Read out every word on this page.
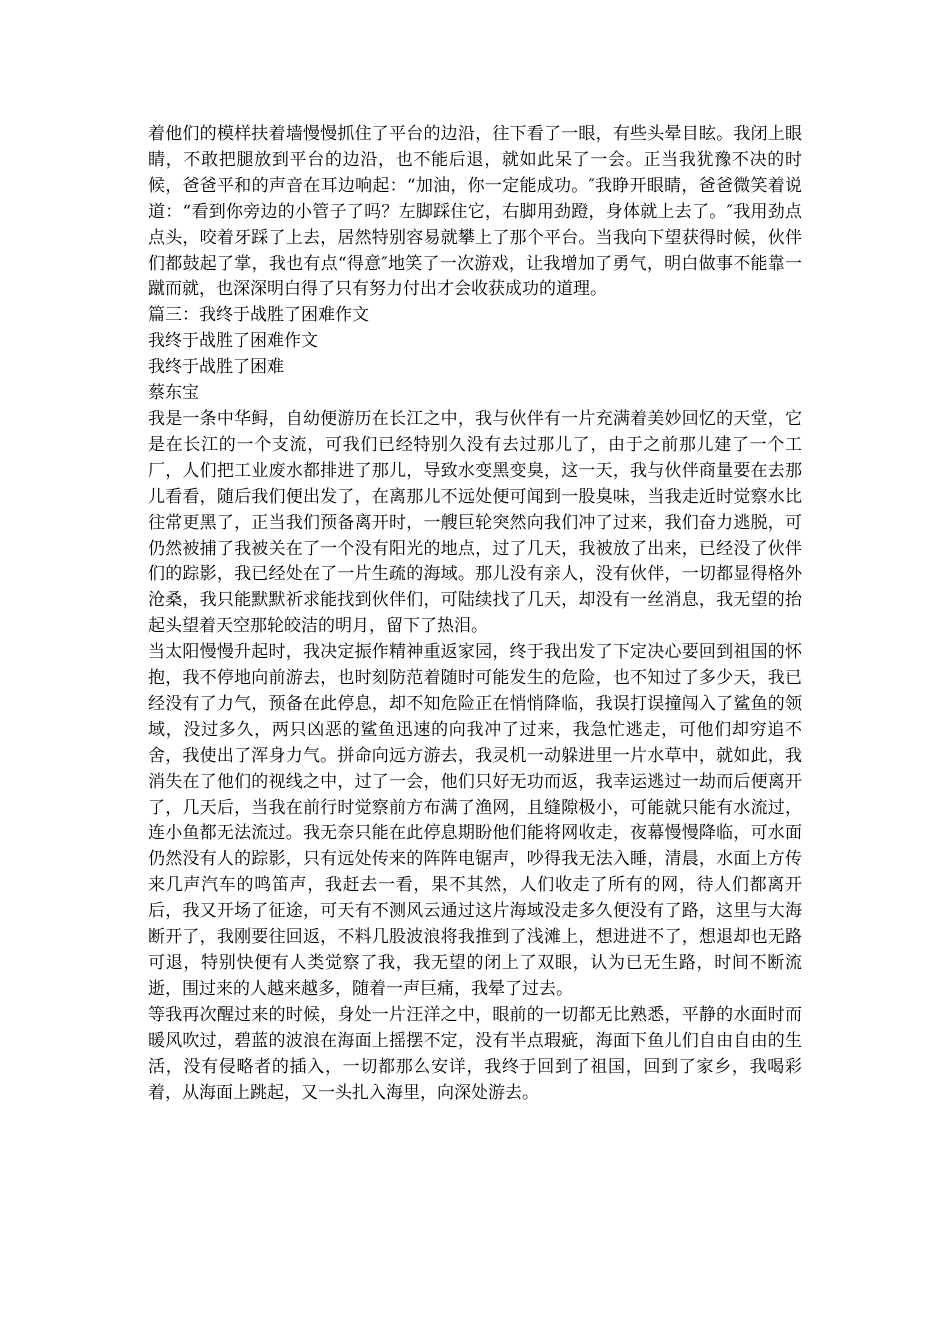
着他们的模样扶着墙慢慢抓住了平台的边沿，往下看了一眼，有些头晕目眩。我闭上眼睛，不敢把腿放到平台的边沿，也不能后退，就如此呆了一会。正当我犹豫不决的时候，爸爸平和的声音在耳边响起：“加油，你一定能成功。″我睁开眼睛，爸爸微笑着说道：“看到你旁边的小管子了吗？左脚踩住它，右脚用劲蹬，身体就上去了。″我用劲点点头，咬着牙踩了上去，居然特别容易就攀上了那个平台。当我向下望获得时候，伙伴们都鼓起了掌，我也有点“得意″地笑了一次游戏，让我增加了勇气，明白做事不能靠一蹴而就，也深深明白得了只有努力付出才会收获成功的道理。

篇三：我终于战胜了困难作文

我终于战胜了困难作文

我终于战胜了困难

蔡东宝

我是一条中华鲟，自幼便游历在长江之中，我与伙伴有一片充满着美妙回忆的天堂，它是在长江的一个支流，可我们已经特别久没有去过那儿了，由于之前那儿建了一个工厂，人们把工业废水都排进了那儿，导致水变黑变臭，这一天，我与伙伴商量要在去那儿看看，随后我们便出发了，在离那儿不远处便可闻到一股臭味，当我走近时觉察水比往常更黑了，正当我们预备离开时，一艘巨轮突然向我们冲了过来，我们奋力逃脱，可仍然被捕了我被关在了一个没有阳光的地点，过了几天，我被放了出来，已经没了伙伴们的踪影，我已经处在了一片生疏的海域。那儿没有亲人，没有伙伴，一切都显得格外沧桑，我只能默默祈求能找到伙伴们，可陆续找了几天，却没有一丝消息，我无望的抬起头望着天空那轮皎洁的明月，留下了热泪。

当太阳慢慢升起时，我决定振作精神重返家园，终于我出发了下定决心要回到祖国的怀抱，我不停地向前游去，也时刻防范着随时可能发生的危险，也不知过了多少天，我已经没有了力气，预备在此停息，却不知危险正在悄悄降临，我误打误撞闯入了鲨鱼的领域，没过多久，两只凶恶的鲨鱼迅速的向我冲了过来，我急忙逃走，可他们却穷追不舍，我使出了浑身力气。拼命向远方游去，我灵机一动躲进里一片水草中，就如此，我消失在了他们的视线之中，过了一会，他们只好无功而返，我幸运逃过一劫而后便离开了，几天后，当我在前行时觉察前方布满了渔网，且缝隙极小，可能就只能有水流过，连小鱼都无法流过。我无奈只能在此停息期盼他们能将网收走，夜幕慢慢降临，可水面仍然没有人的踪影，只有远处传来的阵阵电锯声，吵得我无法入睡，清晨，水面上方传来几声汽车的鸣笛声，我赶去一看，果不其然，人们收走了所有的网，待人们都离开后，我又开场了征途，可天有不测风云通过这片海域没走多久便没有了路，这里与大海断开了，我刚要往回返，不料几股波浪将我推到了浅滩上，想进进不了，想退却也无路可退，特别快便有人类觉察了我，我无望的闭上了双眼，认为已无生路，时间不断流逝，围过来的人越来越多，随着一声巨痛，我晕了过去。

等我再次醒过来的时候，身处一片汪洋之中，眼前的一切都无比熟悉，平静的水面时而暖风吹过，碧蓝的波浪在海面上摇摆不定，没有半点瑕疵，海面下鱼儿们自由自由的生活，没有侵略者的插入，一切都那么安详，我终于回到了祖国，回到了家乡，我喝彩着，从海面上跳起，又一头扎入海里，向深处游去。
